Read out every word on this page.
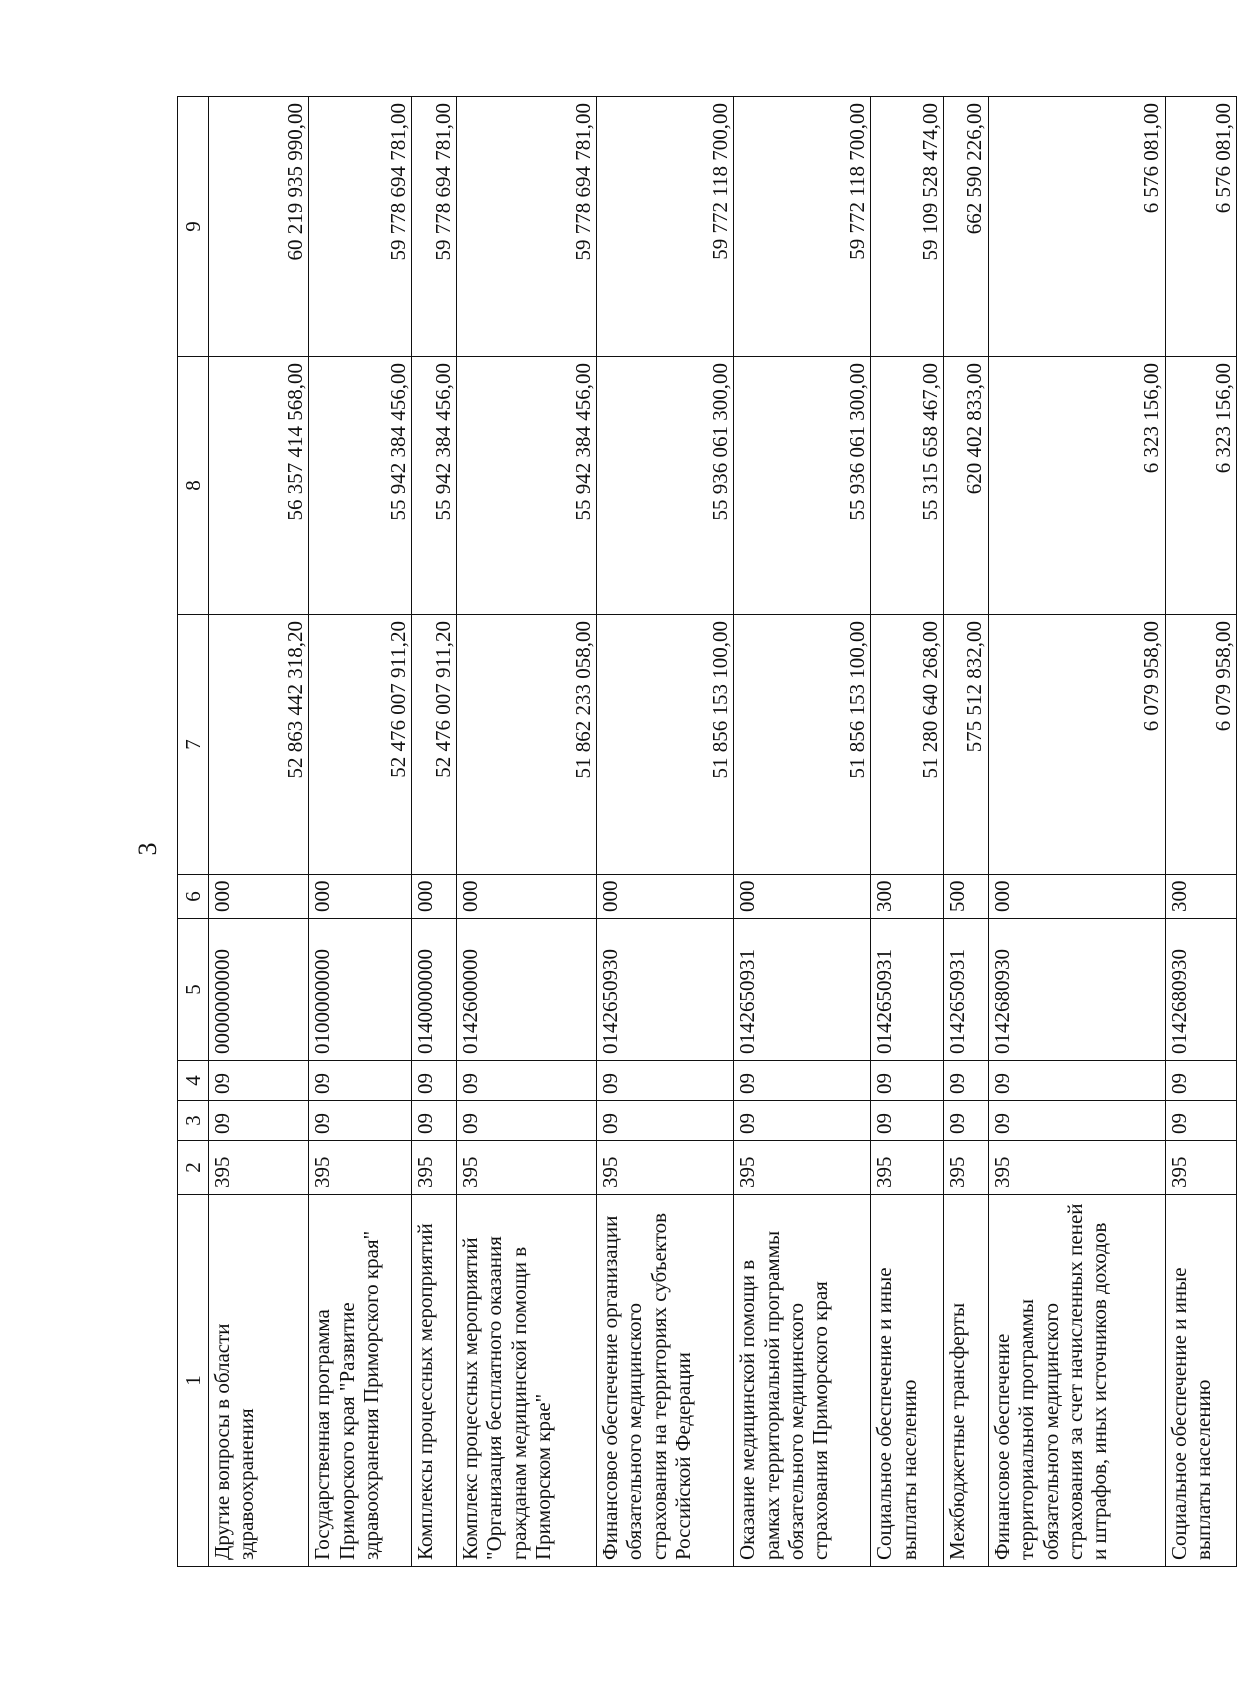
3
1	2	3	4	5	6	7	8	9
Другие вопросы в области здравоохранения	395	09	09	0000000000	000	52 863 442 318,20	56 357 414 568,00	60 219 935 990,00
Государственная программа Приморского края "Развитие здравоохранения Приморского края"	395	09	09	0100000000	000	52 476 007 911,20	55 942 384 456,00	59 778 694 781,00
Комплексы процессных мероприятий	395	09	09	0140000000	000	52 476 007 911,20	55 942 384 456,00	59 778 694 781,00
Комплекс процессных мероприятий "Организация бесплатного оказания гражданам медицинской помощи в Приморском крае"	395	09	09	0142600000	000	51 862 233 058,00	55 942 384 456,00	59 778 694 781,00
Финансовое обеспечение организации обязательного медицинского страхования на территориях субъектов Российской Федерации	395	09	09	0142650930	000	51 856 153 100,00	55 936 061 300,00	59 772 118 700,00
Оказание медицинской помощи в рамках территориальной программы обязательного медицинского страхования Приморского края	395	09	09	0142650931	000	51 856 153 100,00	55 936 061 300,00	59 772 118 700,00
Социальное обеспечение и иные выплаты населению	395	09	09	0142650931	300	51 280 640 268,00	55 315 658 467,00	59 109 528 474,00
Межбюджетные трансферты	395	09	09	0142650931	500	575 512 832,00	620 402 833,00	662 590 226,00
Финансовое обеспечение территориальной программы обязательного медицинского страхования за счет начисленных пеней и штрафов, иных источников доходов	395	09	09	0142680930	000	6 079 958,00	6 323 156,00	6 576 081,00
Социальное обеспечение и иные выплаты населению	395	09	09	0142680930	300	6 079 958,00	6 323 156,00	6 576 081,00
